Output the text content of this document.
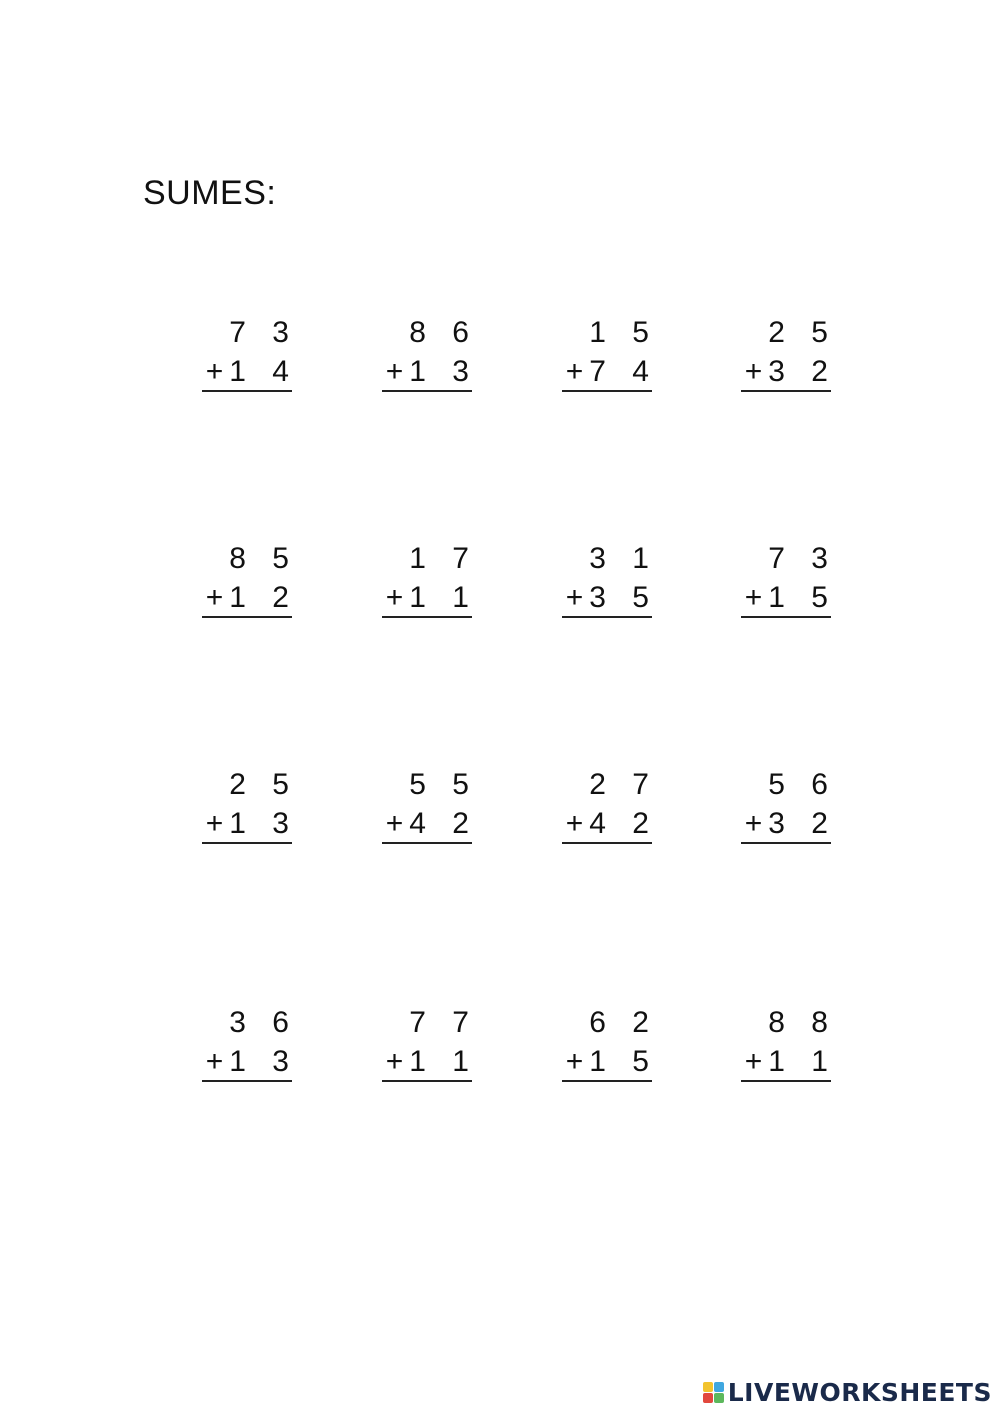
SUMES:
7 3
+1 4
8 6
+1 3
1 5
+7 4
2 5
+3 2
8 5
+1 2
1 7
+1 1
3 1
+3 5
7 3
+1 5
2 5
+1 3
5 5
+4 2
2 7
+4 2
5 6
+3 2
3 6
+1 3
7 7
+1 1
6 2
+1 5
8 8
+1 1
LIVEWORKSHEETS
